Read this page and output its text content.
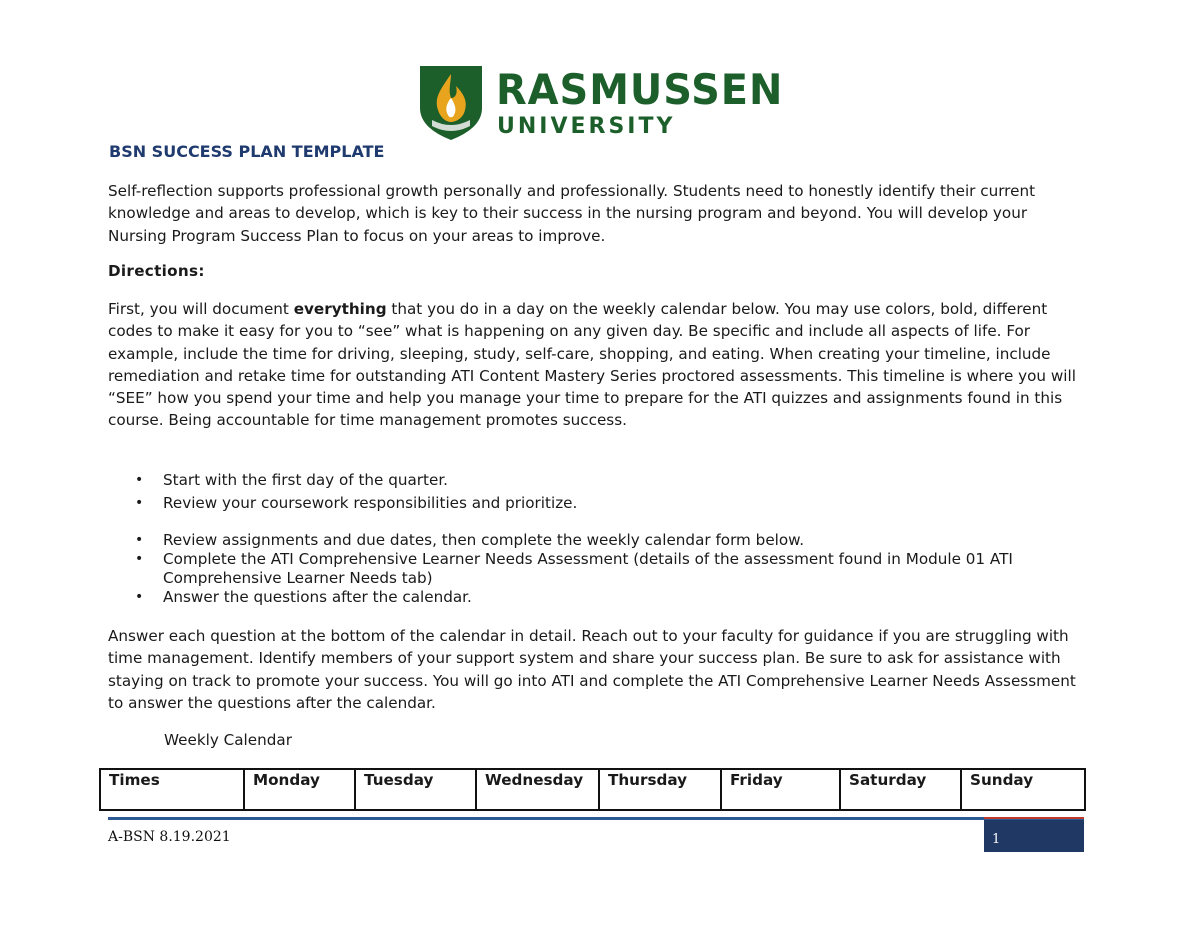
RASMUSSEN
UNIVERSITY
BSN SUCCESS PLAN TEMPLATE

Self-reflection supports professional growth personally and professionally. Students need to honestly identify their current knowledge and areas to develop, which is key to their success in the nursing program and beyond. You will develop your Nursing Program Success Plan to focus on your areas to improve.

Directions:

First, you will document everything that you do in a day on the weekly calendar below. You may use colors, bold, different codes to make it easy for you to “see” what is happening on any given day. Be specific and include all aspects of life. For example, include the time for driving, sleeping, study, self-care, shopping, and eating. When creating your timeline, include remediation and retake time for outstanding ATI Content Mastery Series proctored assessments. This timeline is where you will “SEE” how you spend your time and help you manage your time to prepare for the ATI quizzes and assignments found in this course. Being accountable for time management promotes success.

• Start with the first day of the quarter.
• Review your coursework responsibilities and prioritize.
• Review assignments and due dates, then complete the weekly calendar form below.
• Complete the ATI Comprehensive Learner Needs Assessment (details of the assessment found in Module 01 ATI Comprehensive Learner Needs tab)
• Answer the questions after the calendar.

Answer each question at the bottom of the calendar in detail. Reach out to your faculty for guidance if you are struggling with time management. Identify members of your support system and share your success plan. Be sure to ask for assistance with staying on track to promote your success. You will go into ATI and complete the ATI Comprehensive Learner Needs Assessment to answer the questions after the calendar.

Weekly Calendar
Times	Monday	Tuesday	Wednesday	Thursday	Friday	Saturday	Sunday
A-BSN 8.19.2021	1
